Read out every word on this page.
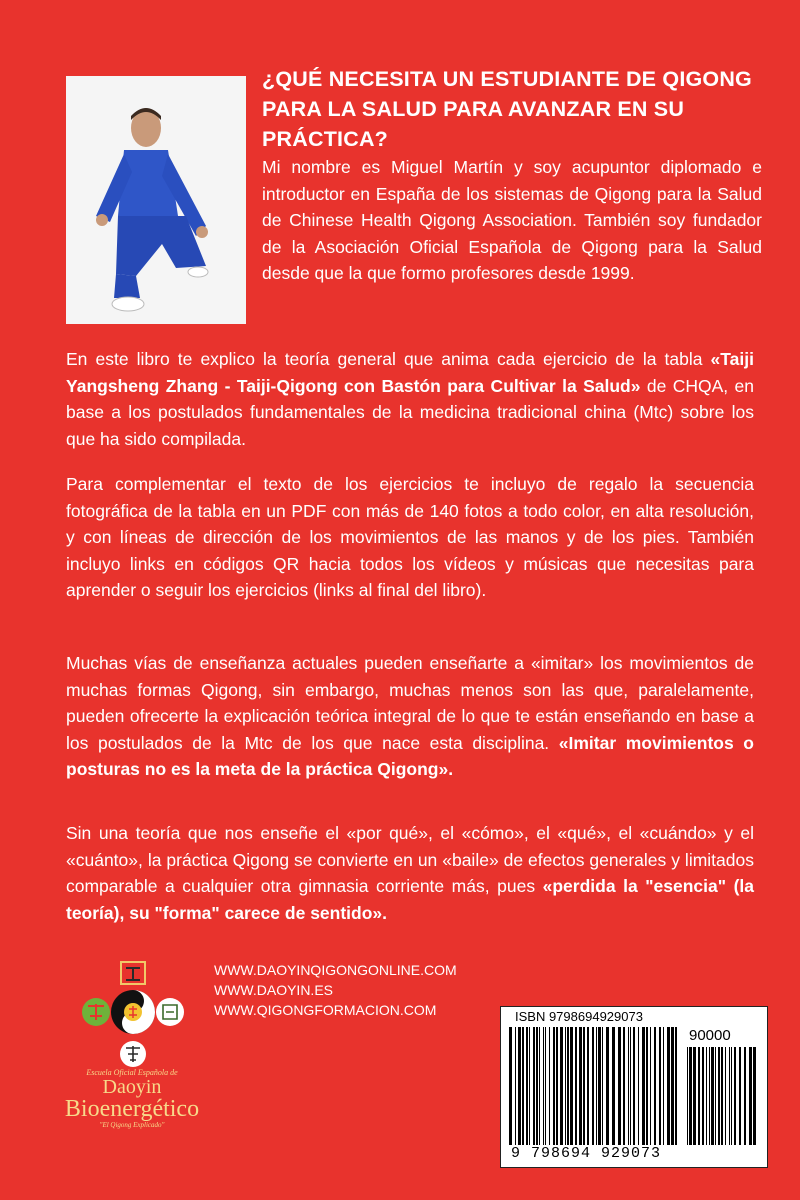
¿QUÉ NECESITA UN ESTUDIANTE DE QIGONG PARA LA SALUD PARA AVANZAR EN SU PRÁCTICA?

Mi nombre es Miguel Martín y soy acupuntor diplomado e introductor en España de los sistemas de Qigong para la Salud de Chinese Health Qigong Association. También soy fundador de la Asociación Oficial Española de Qigong para la Salud desde que la que formo profesores desde 1999.

En este libro te explico la teoría general que anima cada ejercicio de la tabla «Taiji Yangsheng Zhang - Taiji-Qigong con Bastón para Cultivar la Salud» de CHQA, en base a los postulados fundamentales de la medicina tradicional china (Mtc) sobre los que ha sido compilada.

Para complementar el texto de los ejercicios te incluyo de regalo la secuencia fotográfica de la tabla en un PDF con más de 140 fotos a todo color, en alta resolución, y con líneas de dirección de los movimientos de las manos y de los pies. También incluyo links en códigos QR hacia todos los vídeos y músicas que necesitas para aprender o seguir los ejercicios (links al final del libro).

Muchas vías de enseñanza actuales pueden enseñarte a «imitar» los movimientos de muchas formas Qigong, sin embargo, muchas menos son las que, paralelamente, pueden ofrecerte la explicación teórica integral de lo que te están enseñando en base a los postulados de la Mtc de los que nace esta disciplina. «Imitar movimientos o posturas no es la meta de la práctica Qigong».

Sin una teoría que nos enseñe el «por qué», el «cómo», el «qué», el «cuándo» y el «cuánto», la práctica Qigong se convierte en un «baile» de efectos generales y limitados comparable a cualquier otra gimnasia corriente más, pues «perdida la "esencia" (la teoría), su "forma" carece de sentido».

Escuela Oficial Española de
Daoyin
Bioenergético
"El Qigong Explicado"
WWW.DAOYINQIGONGONLINE.COM
WWW.DAOYIN.ES
WWW.QIGONGFORMACION.COM	ISBN 9798694929073
90000
9 798694 929073
